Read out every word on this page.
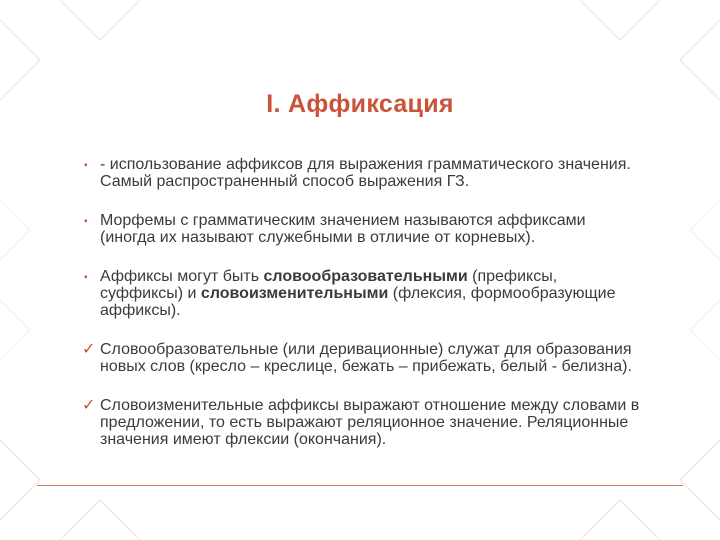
I. Аффиксация
▪ - использование аффиксов для выражения грамматического значения. Самый распространенный способ выражения ГЗ.
▪ Морфемы с грамматическим значением называются аффиксами (иногда их называют служебными в отличие от корневых).
▪ Аффиксы могут быть словообразовательными (префиксы, суффиксы) и словоизменительными (флексия, формообразующие аффиксы).
✓ Словообразовательные (или деривационные) служат для образования новых слов (кресло – креслице, бежать – прибежать, белый - белизна).
✓ Словоизменительные аффиксы выражают отношение между словами в предложении, то есть выражают реляционное значение. Реляционные значения имеют флексии (окончания).
